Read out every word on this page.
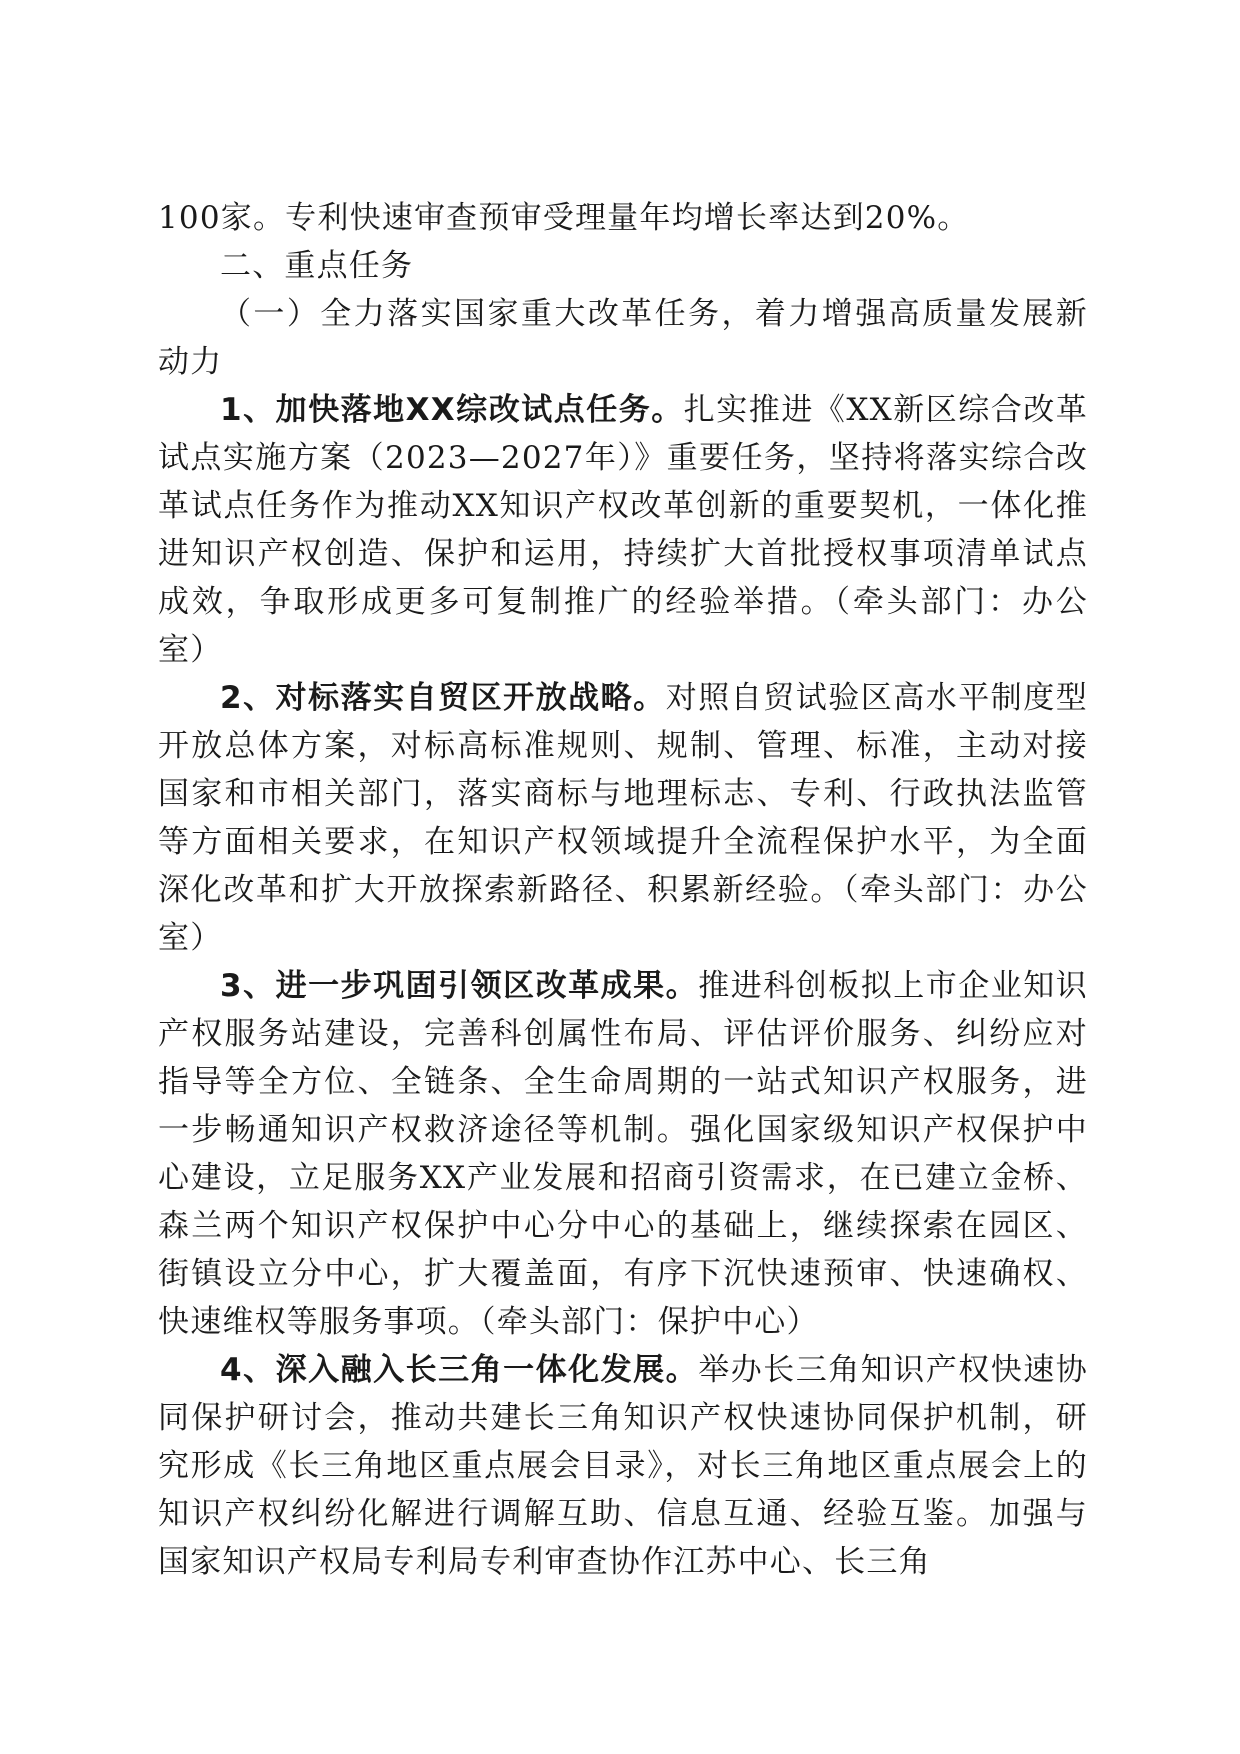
100家。专利快速审查预审受理量年均增长率达到20%。

二、重点任务

（一）全力落实国家重大改革任务，着力增强高质量发展新动力

1、加快落地XX综改试点任务。扎实推进《XX新区综合改革试点实施方案（2023—2027年）》重要任务，坚持将落实综合改革试点任务作为推动XX知识产权改革创新的重要契机，一体化推进知识产权创造、保护和运用，持续扩大首批授权事项清单试点成效，争取形成更多可复制推广的经验举措。（牵头部门：办公室）

2、对标落实自贸区开放战略。对照自贸试验区高水平制度型开放总体方案，对标高标准规则、规制、管理、标准，主动对接国家和市相关部门，落实商标与地理标志、专利、行政执法监管等方面相关要求，在知识产权领域提升全流程保护水平，为全面深化改革和扩大开放探索新路径、积累新经验。（牵头部门：办公室）

3、进一步巩固引领区改革成果。推进科创板拟上市企业知识产权服务站建设，完善科创属性布局、评估评价服务、纠纷应对指导等全方位、全链条、全生命周期的一站式知识产权服务，进一步畅通知识产权救济途径等机制。强化国家级知识产权保护中心建设，立足服务XX产业发展和招商引资需求，在已建立金桥、森兰两个知识产权保护中心分中心的基础上，继续探索在园区、街镇设立分中心，扩大覆盖面，有序下沉快速预审、快速确权、快速维权等服务事项。（牵头部门：保护中心）

4、深入融入长三角一体化发展。举办长三角知识产权快速协同保护研讨会，推动共建长三角知识产权快速协同保护机制，研究形成《长三角地区重点展会目录》，对长三角地区重点展会上的知识产权纠纷化解进行调解互助、信息互通、经验互鉴。加强与国家知识产权局专利局专利审查协作江苏中心、长三角
